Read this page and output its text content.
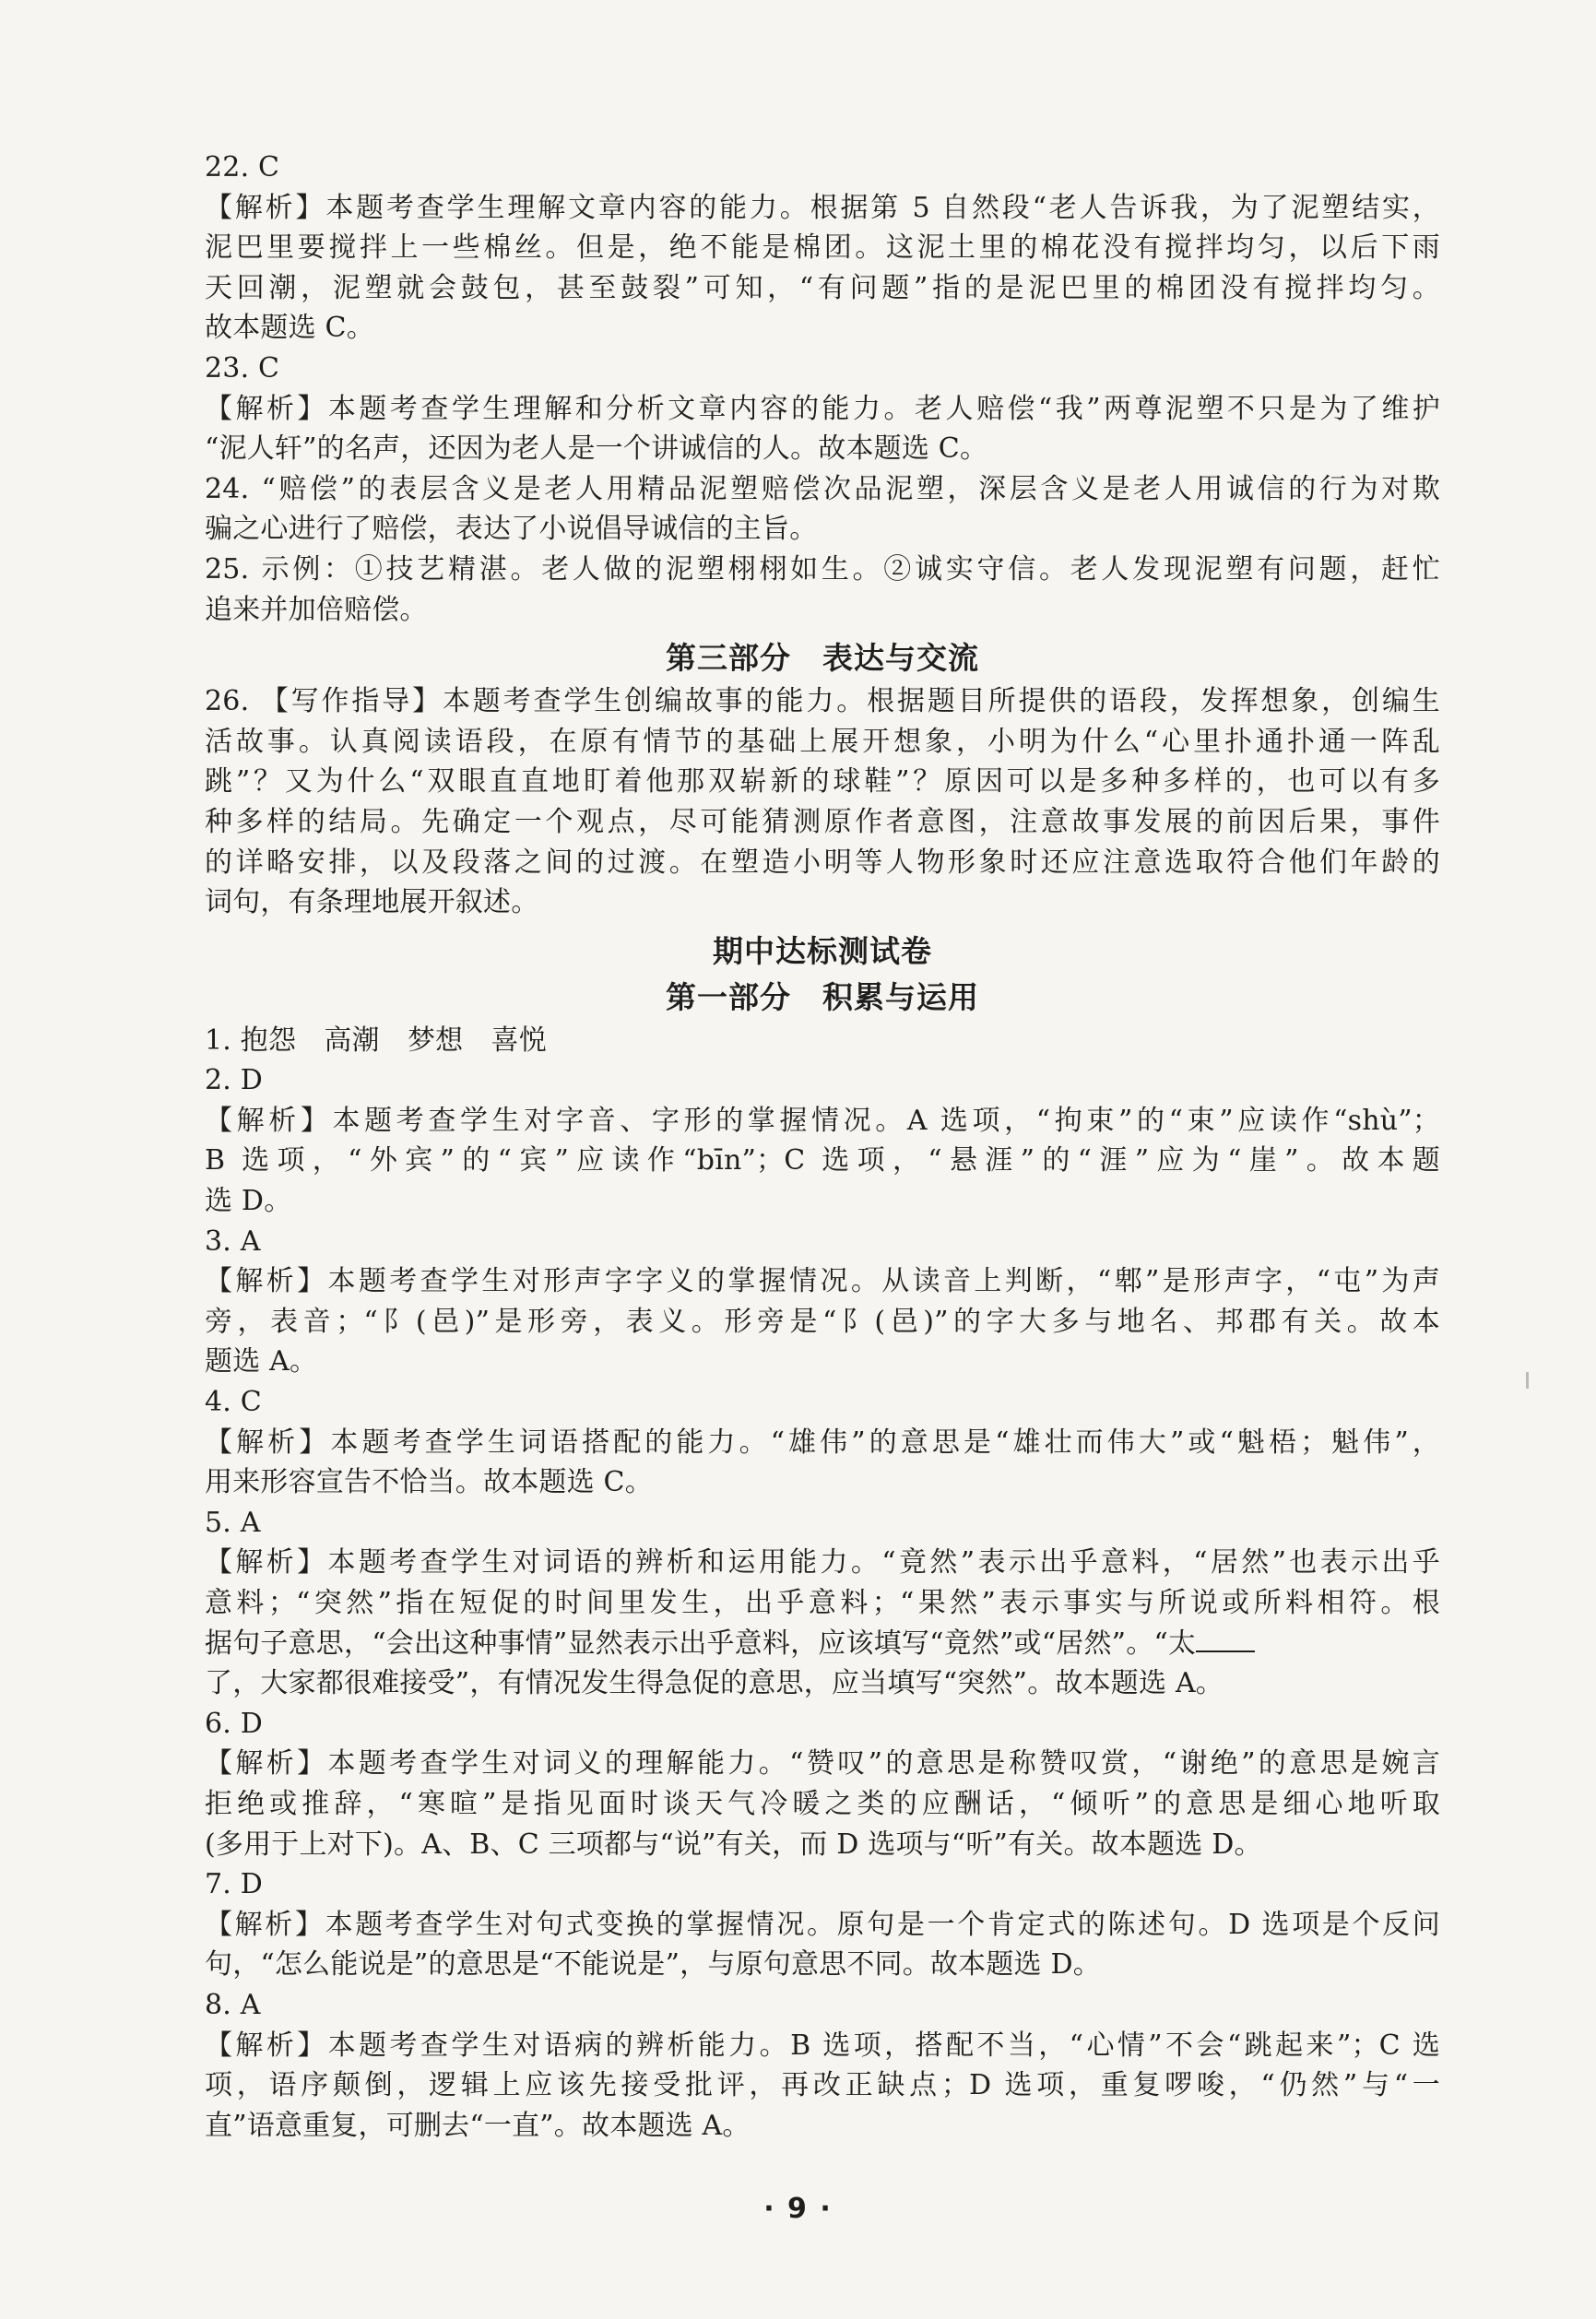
22. C
【解析】本题考查学生理解文章内容的能力。根据第 5 自然段“老人告诉我，为了泥塑结实，
泥巴里要搅拌上一些棉丝。但是，绝不能是棉团。这泥土里的棉花没有搅拌均匀，以后下雨
天回潮，泥塑就会鼓包，甚至鼓裂”可知，“有问题”指的是泥巴里的棉团没有搅拌均匀。
故本题选 C。
23. C
【解析】本题考查学生理解和分析文章内容的能力。老人赔偿“我”两尊泥塑不只是为了维护
“泥人轩”的名声，还因为老人是一个讲诚信的人。故本题选 C。
24. “赔偿”的表层含义是老人用精品泥塑赔偿次品泥塑，深层含义是老人用诚信的行为对欺
骗之心进行了赔偿，表达了小说倡导诚信的主旨。
25. 示例：①技艺精湛。老人做的泥塑栩栩如生。②诚实守信。老人发现泥塑有问题，赶忙
追来并加倍赔偿。
第三部分　表达与交流
26. 【写作指导】本题考查学生创编故事的能力。根据题目所提供的语段，发挥想象，创编生
活故事。认真阅读语段，在原有情节的基础上展开想象，小明为什么“心里扑通扑通一阵乱
跳”？又为什么“双眼直直地盯着他那双崭新的球鞋”？原因可以是多种多样的，也可以有多
种多样的结局。先确定一个观点，尽可能猜测原作者意图，注意故事发展的前因后果，事件
的详略安排，以及段落之间的过渡。在塑造小明等人物形象时还应注意选取符合他们年龄的
词句，有条理地展开叙述。
期中达标测试卷
第一部分　积累与运用
1. 抱怨　高潮　梦想　喜悦
2. D
【解析】本题考查学生对字音、字形的掌握情况。A 选项，“拘束”的“束”应读作“shù”；
B 选项，“外宾”的“宾”应读作“bīn”；C 选项，“悬涯”的“涯”应为“崖”。故本题
选 D。
3. A
【解析】本题考查学生对形声字字义的掌握情况。从读音上判断，“郫”是形声字，“屯”为声
旁，表音；“阝(邑)”是形旁，表义。形旁是“阝(邑)”的字大多与地名、邦郡有关。故本
题选 A。
4. C
【解析】本题考查学生词语搭配的能力。“雄伟”的意思是“雄壮而伟大”或“魁梧；魁伟”，
用来形容宣告不恰当。故本题选 C。
5. A
【解析】本题考查学生对词语的辨析和运用能力。“竟然”表示出乎意料，“居然”也表示出乎
意料；“突然”指在短促的时间里发生，出乎意料；“果然”表示事实与所说或所料相符。根
据句子意思，“会出这种事情”显然表示出乎意料，应该填写“竟然”或“居然”。“太
了，大家都很难接受”，有情况发生得急促的意思，应当填写“突然”。故本题选 A。
6. D
【解析】本题考查学生对词义的理解能力。“赞叹”的意思是称赞叹赏，“谢绝”的意思是婉言
拒绝或推辞，“寒暄”是指见面时谈天气冷暖之类的应酬话，“倾听”的意思是细心地听取
(多用于上对下)。A、B、C 三项都与“说”有关，而 D 选项与“听”有关。故本题选 D。
7. D
【解析】本题考查学生对句式变换的掌握情况。原句是一个肯定式的陈述句。D 选项是个反问
句，“怎么能说是”的意思是“不能说是”，与原句意思不同。故本题选 D。
8. A
【解析】本题考查学生对语病的辨析能力。B 选项，搭配不当，“心情”不会“跳起来”；C 选
项，语序颠倒，逻辑上应该先接受批评，再改正缺点；D 选项，重复啰唆，“仍然”与“一
直”语意重复，可删去“一直”。故本题选 A。
· 9 ·
